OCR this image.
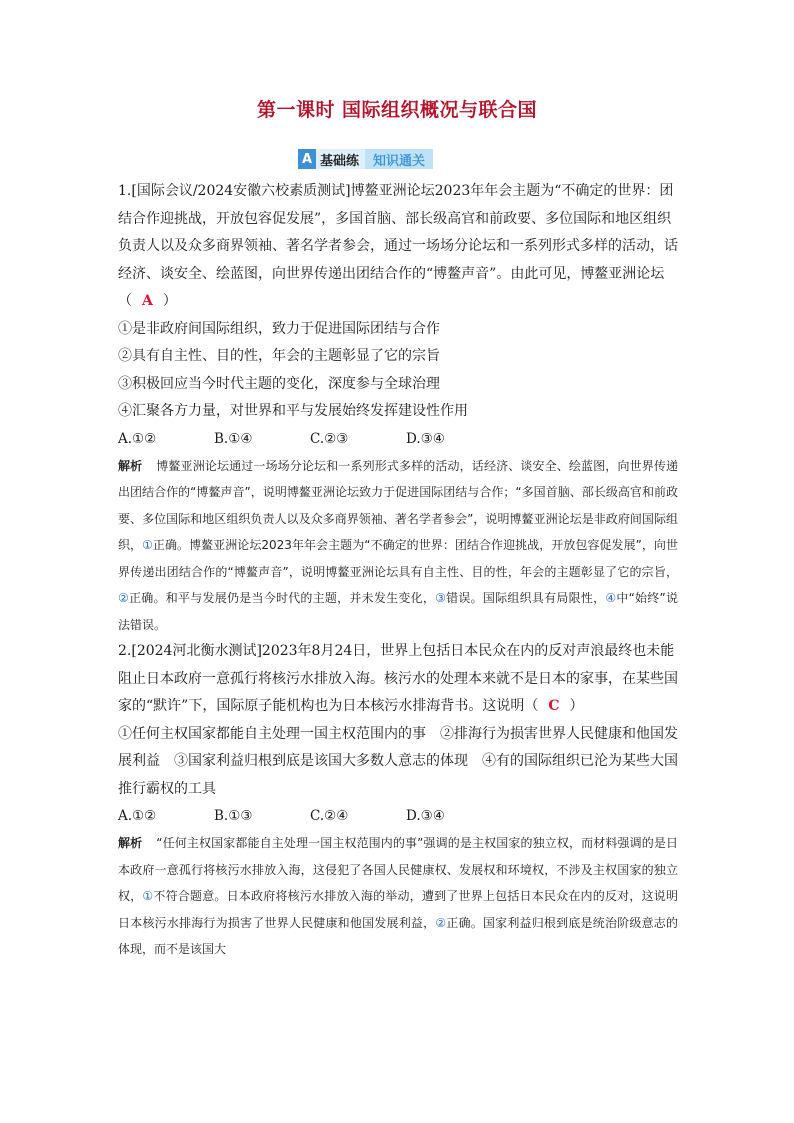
第一课时 国际组织概况与联合国
A 基础练	知识通关

1.[国际会议/2024安徽六校素质测试]博鳌亚洲论坛2023年年会主题为“不确定的世界：团结合作迎挑战，开放包容促发展”，多国首脑、部长级高官和前政要、多位国际和地区组织负责人以及众多商界领袖、著名学者参会，通过一场场分论坛和一系列形式多样的活动，话经济、谈安全、绘蓝图，向世界传递出团结合作的“博鳌声音”。由此可见，博鳌亚洲论坛（ A ）

①是非政府间国际组织，致力于促进国际团结与合作

②具有自主性、目的性，年会的主题彰显了它的宗旨

③积极回应当今时代主题的变化，深度参与全球治理

④汇聚各方力量，对世界和平与发展始终发挥建设性作用

A.①②	B.①④	C.②③	D.③④

解析 博鳌亚洲论坛通过一场场分论坛和一系列形式多样的活动，话经济、谈安全、绘蓝图，向世界传递出团结合作的“博鳌声音”，说明博鳌亚洲论坛致力于促进国际团结与合作；“多国首脑、部长级高官和前政要、多位国际和地区组织负责人以及众多商界领袖、著名学者参会”，说明博鳌亚洲论坛是非政府间国际组织，①正确。博鳌亚洲论坛2023年年会主题为“不确定的世界：团结合作迎挑战，开放包容促发展”，向世界传递出团结合作的“博鳌声音”，说明博鳌亚洲论坛具有自主性、目的性，年会的主题彰显了它的宗旨，②正确。和平与发展仍是当今时代的主题，并未发生变化，③错误。国际组织具有局限性，④中“始终”说法错误。

2.[2024河北衡水测试]2023年8月24日，世界上包括日本民众在内的反对声浪最终也未能阻止日本政府一意孤行将核污水排放入海。核污水的处理本来就不是日本的家事，在某些国家的“默许”下，国际原子能机构也为日本核污水排海背书。这说明（ C ）

①任何主权国家都能自主处理一国主权范围内的事　②排海行为损害世界人民健康和他国发展利益　③国家利益归根到底是该国大多数人意志的体现　④有的国际组织已沦为某些大国推行霸权的工具

A.①②	B.①③	C.②④	D.③④

解析 “任何主权国家都能自主处理一国主权范围内的事”强调的是主权国家的独立权，而材料强调的是日本政府一意孤行将核污水排放入海，这侵犯了各国人民健康权、发展权和环境权，不涉及主权国家的独立权，①不符合题意。日本政府将核污水排放入海的举动，遭到了世界上包括日本民众在内的反对，这说明日本核污水排海行为损害了世界人民健康和他国发展利益，②正确。国家利益归根到底是统治阶级意志的体现，而不是该国大
